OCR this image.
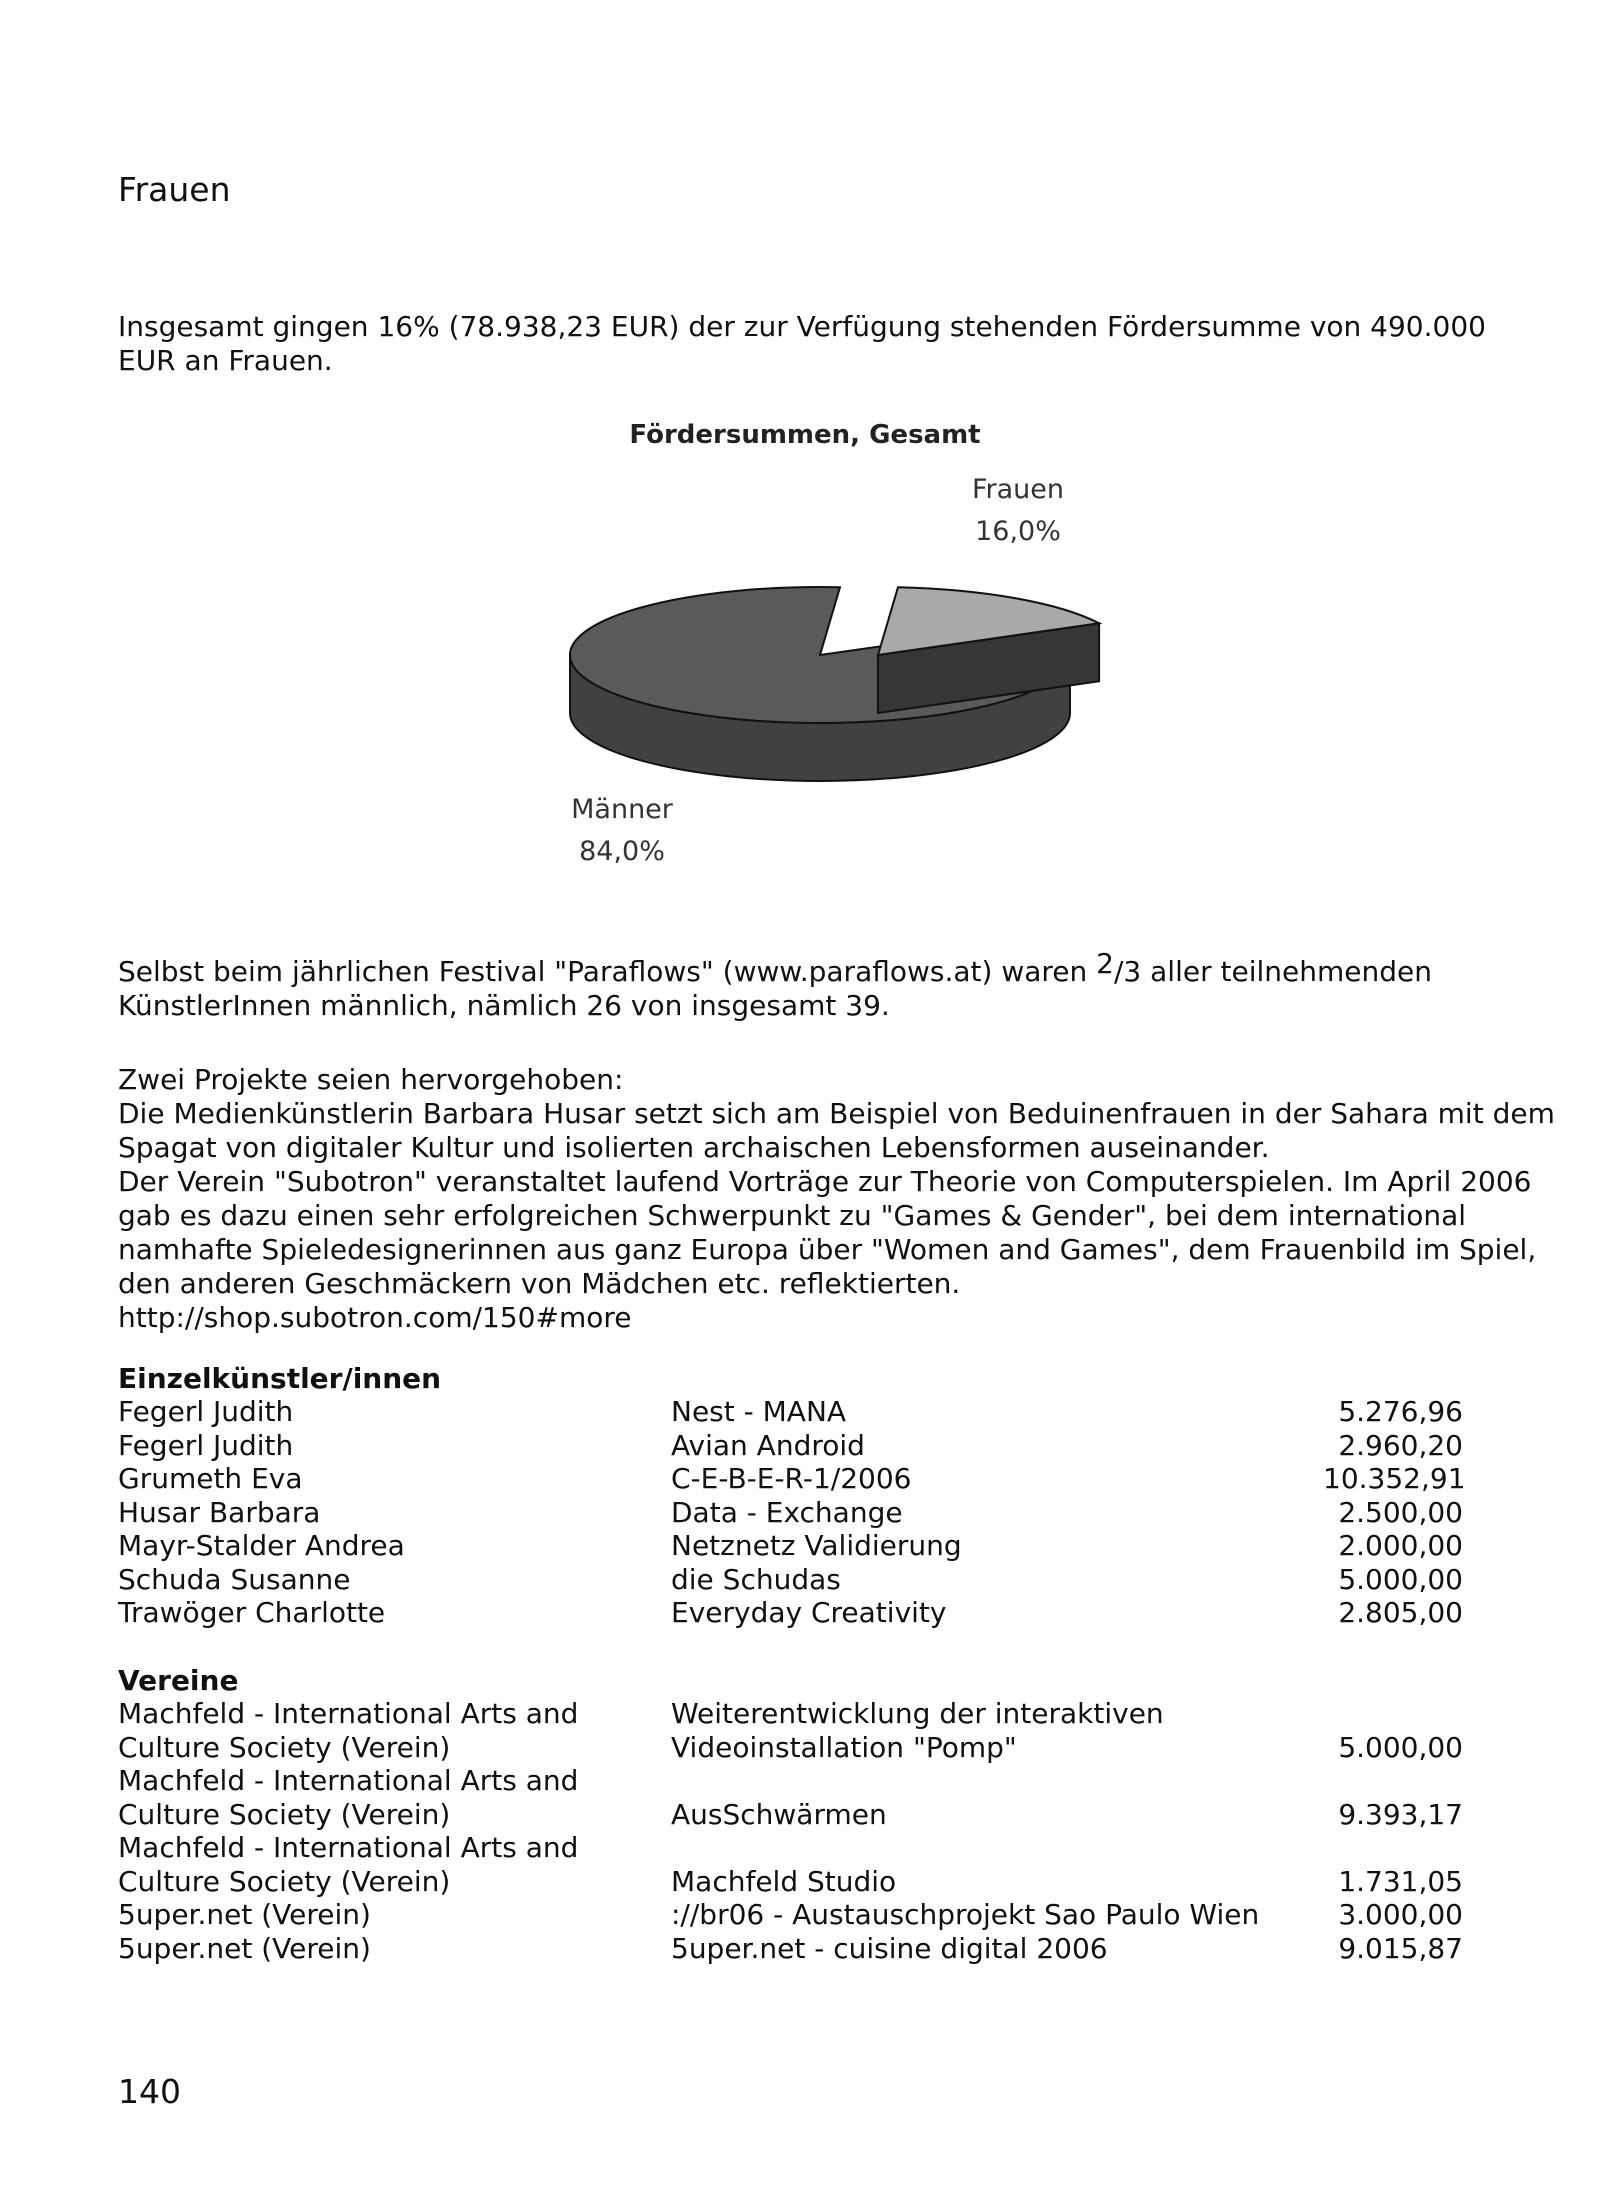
Frauen
Insgesamt gingen 16% (78.938,23 EUR) der zur Verfügung stehenden Fördersumme von 490.000 EUR an Frauen.
Fördersummen, Gesamt
Frauen
16,0%
Männer
84,0%
Selbst beim jährlichen Festival "Paraflows" (www.paraflows.at) waren $^2$/3 aller teilnehmenden KünstlerInnen männlich, nämlich 26 von insgesamt 39.
Zwei Projekte seien hervorgehoben:
Die Medienkünstlerin Barbara Husar setzt sich am Beispiel von Beduinenfrauen in der Sahara mit dem Spagat von digitaler Kultur und isolierten archaischen Lebensformen auseinander.
Der Verein "Subotron" veranstaltet laufend Vorträge zur Theorie von Computerspielen. Im April 2006 gab es dazu einen sehr erfolgreichen Schwerpunkt zu "Games & Gender", bei dem international namhafte Spieledesignerinnen aus ganz Europa über "Women and Games", dem Frauenbild im Spiel, den anderen Geschmäckern von Mädchen etc. reflektierten.
http://shop.subotron.com/150#more
Einzelkünstler/innen
Fegerl Judith	Nest - MANA	5.276,96
Fegerl Judith	Avian Android	2.960,20
Grumeth Eva	C-E-B-E-R-1/2006	10.352,91
Husar Barbara	Data - Exchange	2.500,00
Mayr-Stalder Andrea	Netznetz Validierung	2.000,00
Schuda Susanne	die Schudas	5.000,00
Trawöger Charlotte	Everyday Creativity	2.805,00
Vereine
Machfeld - International Arts and	Weiterentwicklung der interaktiven	
Culture Society (Verein)	Videoinstallation "Pomp"	5.000,00
Machfeld - International Arts and		
Culture Society (Verein)	AusSchwärmen	9.393,17
Machfeld - International Arts and		
Culture Society (Verein)	Machfeld Studio	1.731,05
5uper.net (Verein)	://br06 - Austauschprojekt Sao Paulo Wien	3.000,00
5uper.net (Verein)	5uper.net - cuisine digital 2006	9.015,87
140
